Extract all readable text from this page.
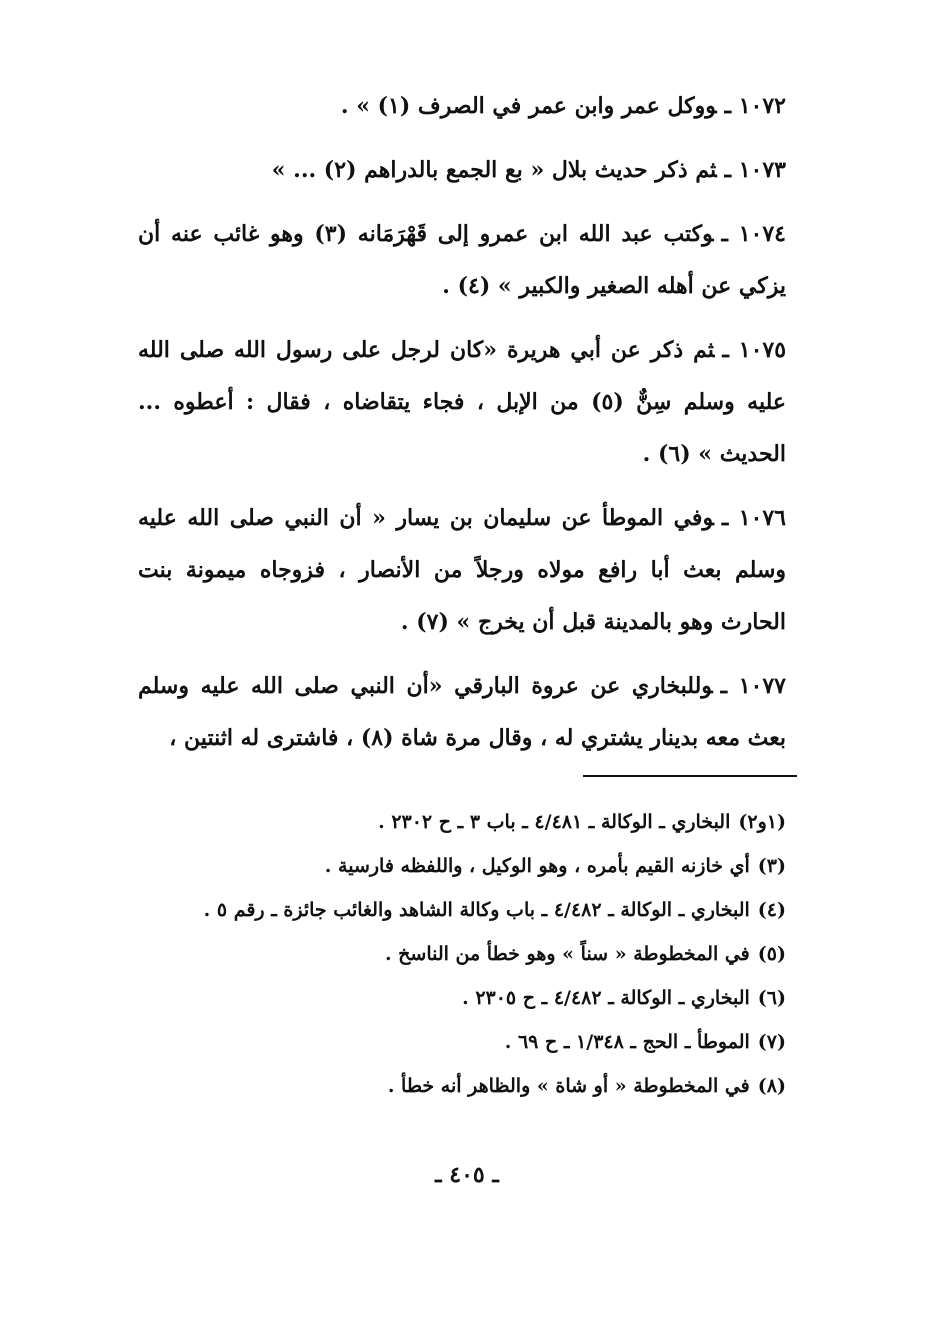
١٠٧٢ ـووكل عمر وابن عمر في الصرف (١) » .

١٠٧٣ ـثم ذكر حديث بلال « بع الجمع بالدراهم (٢) ... »

١٠٧٤ ـوكتب عبد الله ابن عمرو إلى قَهْرَمَانه (٣) وهو غائب عنه أن يزكي عن أهله الصغير والكبير » (٤) .

١٠٧٥ ـثم ذكر عن أبي هريرة «كان لرجل على رسول الله صلى الله عليه وسلم سِنٌّ (٥) من الإبل ، فجاء يتقاضاه ، فقال : أعطوه ... الحديث » (٦) .

١٠٧٦ ـوفي الموطأ عن سليمان بن يسار « أن النبي صلى الله عليه وسلم بعث أبا رافع مولاه ورجلاً من الأنصار ، فزوجاه ميمونة بنت الحارث وهو بالمدينة قبل أن يخرج » (٧) .

١٠٧٧ ـوللبخاري عن عروة البارقي «أن النبي صلى الله عليه وسلم بعث معه بدينار يشتري له ، وقال مرة شاة (٨) ، فاشترى له اثنتين ،

(١و٢)البخاري ـ الوكالة ـ ٤/٤٨١ ـ باب ٣ ـ ح ٢٣٠٢ .

(٣)أي خازنه القيم بأمره ، وهو الوكيل ، واللفظه فارسية .

(٤)البخاري ـ الوكالة ـ ٤/٤٨٢ ـ باب وكالة الشاهد والغائب جائزة ـ رقم ٥ .

(٥)في المخطوطة « سناً » وهو خطأ من الناسخ .

(٦)البخاري ـ الوكالة ـ ٤/٤٨٢ ـ ح ٢٣٠٥ .

(٧)الموطأ ـ الحج ـ ١/٣٤٨ ـ ح ٦٩ .

(٨)في المخطوطة « أو شاة » والظاهر أنه خطأ .

ـ ٤٠٥ ـ
